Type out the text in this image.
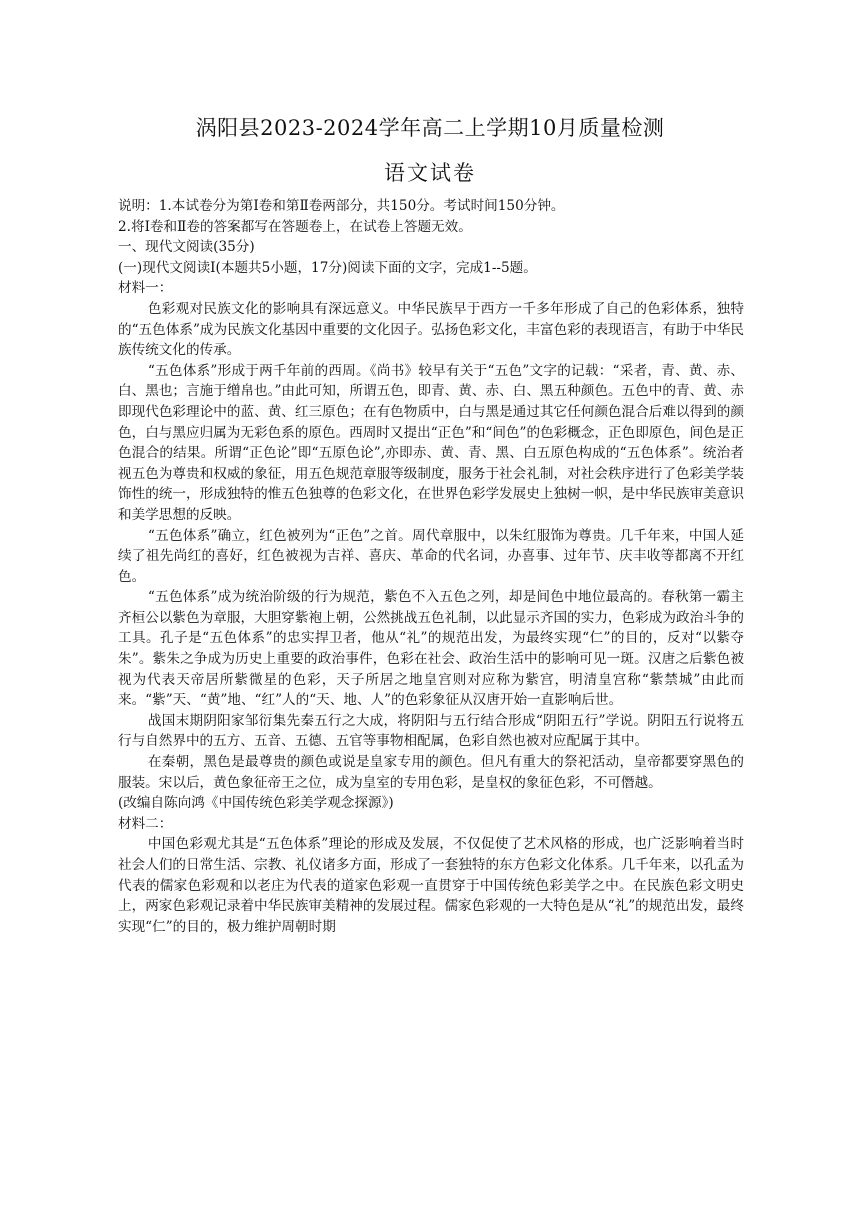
涡阳县2023-2024学年高二上学期10月质量检测
语文试卷

说明：1.本试卷分为第Ⅰ卷和第Ⅱ卷两部分，共150分。考试时间150分钟。

2.将Ⅰ卷和Ⅱ卷的答案都写在答题卷上，在试卷上答题无效。

一、现代文阅读(35分)

(一)现代文阅读Ⅰ(本题共5小题，17分)阅读下面的文字，完成1--5题。

材料一：

色彩观对民族文化的影响具有深远意义。中华民族早于西方一千多年形成了自己的色彩体系，独特的“五色体系”成为民族文化基因中重要的文化因子。弘扬色彩文化，丰富色彩的表现语言，有助于中华民族传统文化的传承。

“五色体系”形成于两千年前的西周。《尚书》较早有关于“五色”文字的记载：“采者，青、黄、赤、白、黑也；言施于缯帛也。”由此可知，所谓五色，即青、黄、赤、白、黑五种颜色。五色中的青、黄、赤即现代色彩理论中的蓝、黄、红三原色；在有色物质中，白与黑是通过其它任何颜色混合后难以得到的颜色，白与黑应归属为无彩色系的原色。西周时又提出“正色”和“间色”的色彩概念，正色即原色，间色是正色混合的结果。所谓“正色论”即“五原色论”,亦即赤、黄、青、黑、白五原色构成的“五色体系”。统治者视五色为尊贵和权威的象征，用五色规范章服等级制度，服务于社会礼制，对社会秩序进行了色彩美学装饰性的统一，形成独特的惟五色独尊的色彩文化，在世界色彩学发展史上独树一帜，是中华民族审美意识和美学思想的反映。

“五色体系”确立，红色被列为“正色”之首。周代章服中，以朱红服饰为尊贵。几千年来，中国人延续了祖先尚红的喜好，红色被视为吉祥、喜庆、革命的代名词，办喜事、过年节、庆丰收等都离不开红色。

“五色体系”成为统治阶级的行为规范，紫色不入五色之列，却是间色中地位最高的。春秋第一霸主齐桓公以紫色为章服，大胆穿紫袍上朝，公然挑战五色礼制，以此显示齐国的实力，色彩成为政治斗争的工具。孔子是“五色体系”的忠实捍卫者，他从“礼”的规范出发，为最终实现“仁”的目的，反对“以紫夺朱”。紫朱之争成为历史上重要的政治事件，色彩在社会、政治生活中的影响可见一斑。汉唐之后紫色被视为代表天帝居所紫微星的色彩，天子所居之地皇宫则对应称为紫宫，明清皇宫称“紫禁城”由此而来。“紫”天、“黄”地、“红”人的“天、地、人”的色彩象征从汉唐开始一直影响后世。

战国末期阴阳家邹衍集先秦五行之大成，将阴阳与五行结合形成“阴阳五行”学说。阴阳五行说将五行与自然界中的五方、五音、五德、五官等事物相配属，色彩自然也被对应配属于其中。

在秦朝，黑色是最尊贵的颜色或说是皇家专用的颜色。但凡有重大的祭祀活动，皇帝都要穿黑色的服装。宋以后，黄色象征帝王之位，成为皇室的专用色彩，是皇权的象征色彩，不可僭越。

(改编自陈向鸿《中国传统色彩美学观念探源》)

材料二：

中国色彩观尤其是“五色体系”理论的形成及发展，不仅促使了艺术风格的形成，也广泛影响着当时社会人们的日常生活、宗教、礼仪诸多方面，形成了一套独特的东方色彩文化体系。几千年来，以孔孟为代表的儒家色彩观和以老庄为代表的道家色彩观一直贯穿于中国传统色彩美学之中。在民族色彩文明史上，两家色彩观记录着中华民族审美精神的发展过程。儒家色彩观的一大特色是从“礼”的规范出发，最终实现“仁”的目的，极力维护周朝时期
